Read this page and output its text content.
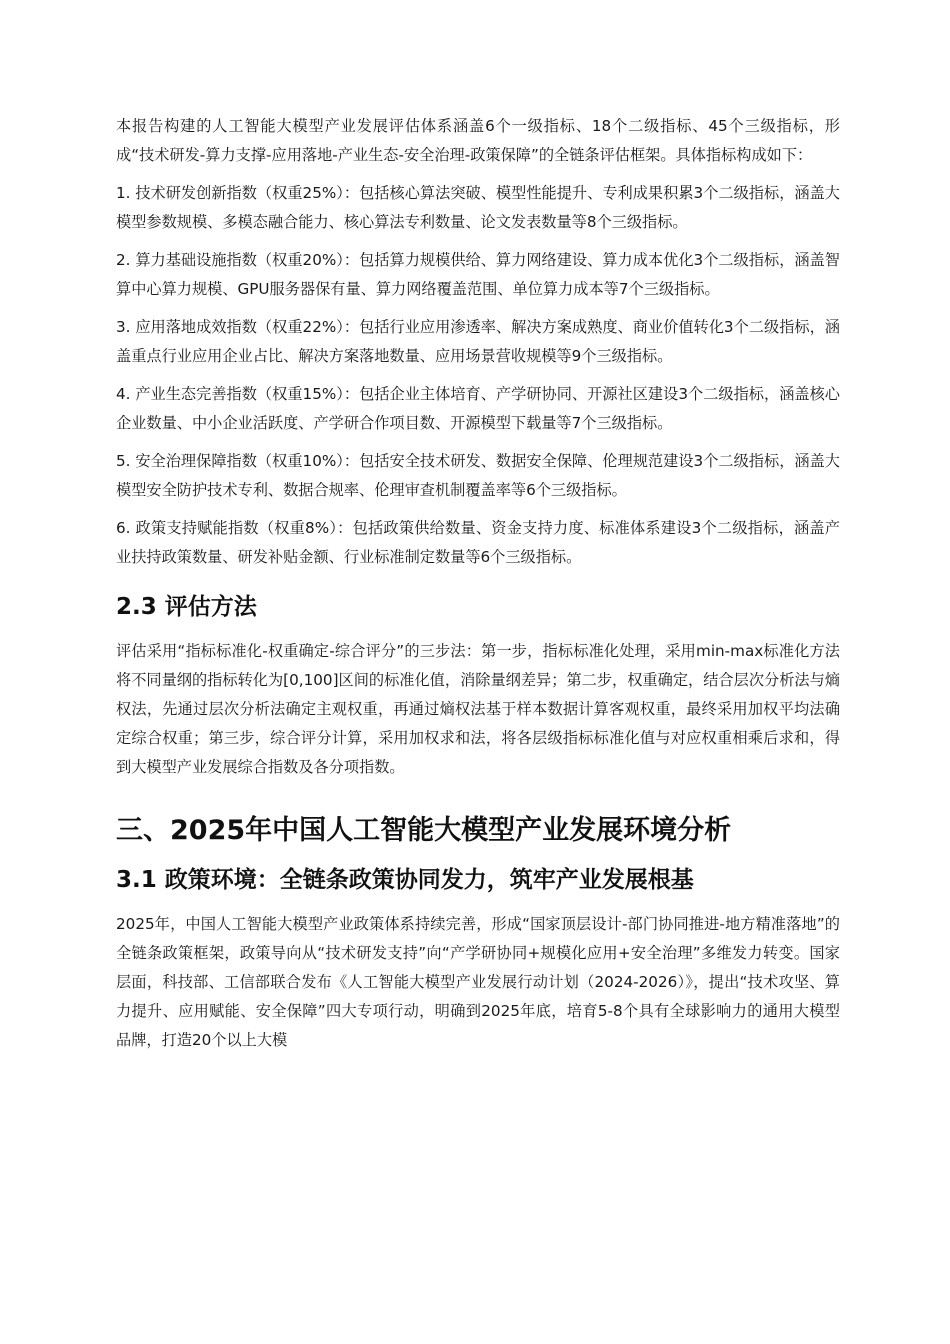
本报告构建的人工智能大模型产业发展评估体系涵盖6个一级指标、18个二级指标、45个三级指标，形成“技术研发-算力支撑-应用落地-产业生态-安全治理-政策保障”的全链条评估框架。具体指标构成如下：

1. 技术研发创新指数（权重25%）：包括核心算法突破、模型性能提升、专利成果积累3个二级指标，涵盖大模型参数规模、多模态融合能力、核心算法专利数量、论文发表数量等8个三级指标。

2. 算力基础设施指数（权重20%）：包括算力规模供给、算力网络建设、算力成本优化3个二级指标，涵盖智算中心算力规模、GPU服务器保有量、算力网络覆盖范围、单位算力成本等7个三级指标。

3. 应用落地成效指数（权重22%）：包括行业应用渗透率、解决方案成熟度、商业价值转化3个二级指标，涵盖重点行业应用企业占比、解决方案落地数量、应用场景营收规模等9个三级指标。

4. 产业生态完善指数（权重15%）：包括企业主体培育、产学研协同、开源社区建设3个二级指标，涵盖核心企业数量、中小企业活跃度、产学研合作项目数、开源模型下载量等7个三级指标。

5. 安全治理保障指数（权重10%）：包括安全技术研发、数据安全保障、伦理规范建设3个二级指标，涵盖大模型安全防护技术专利、数据合规率、伦理审查机制覆盖率等6个三级指标。

6. 政策支持赋能指数（权重8%）：包括政策供给数量、资金支持力度、标准体系建设3个二级指标，涵盖产业扶持政策数量、研发补贴金额、行业标准制定数量等6个三级指标。

2.3 评估方法

评估采用“指标标准化-权重确定-综合评分”的三步法：第一步，指标标准化处理，采用min-max标准化方法将不同量纲的指标转化为[0,100]区间的标准化值，消除量纲差异；第二步，权重确定，结合层次分析法与熵权法，先通过层次分析法确定主观权重，再通过熵权法基于样本数据计算客观权重，最终采用加权平均法确定综合权重；第三步，综合评分计算，采用加权求和法，将各层级指标标准化值与对应权重相乘后求和，得到大模型产业发展综合指数及各分项指数。

三、2025年中国人工智能大模型产业发展环境分析
3.1 政策环境：全链条政策协同发力，筑牢产业发展根基

2025年，中国人工智能大模型产业政策体系持续完善，形成“国家顶层设计-部门协同推进-地方精准落地”的全链条政策框架，政策导向从“技术研发支持”向“产学研协同+规模化应用+安全治理”多维发力转变。国家层面，科技部、工信部联合发布《人工智能大模型产业发展行动计划（2024-2026）》，提出“技术攻坚、算力提升、应用赋能、安全保障”四大专项行动，明确到2025年底，培育5-8个具有全球影响力的通用大模型品牌，打造20个以上大模
